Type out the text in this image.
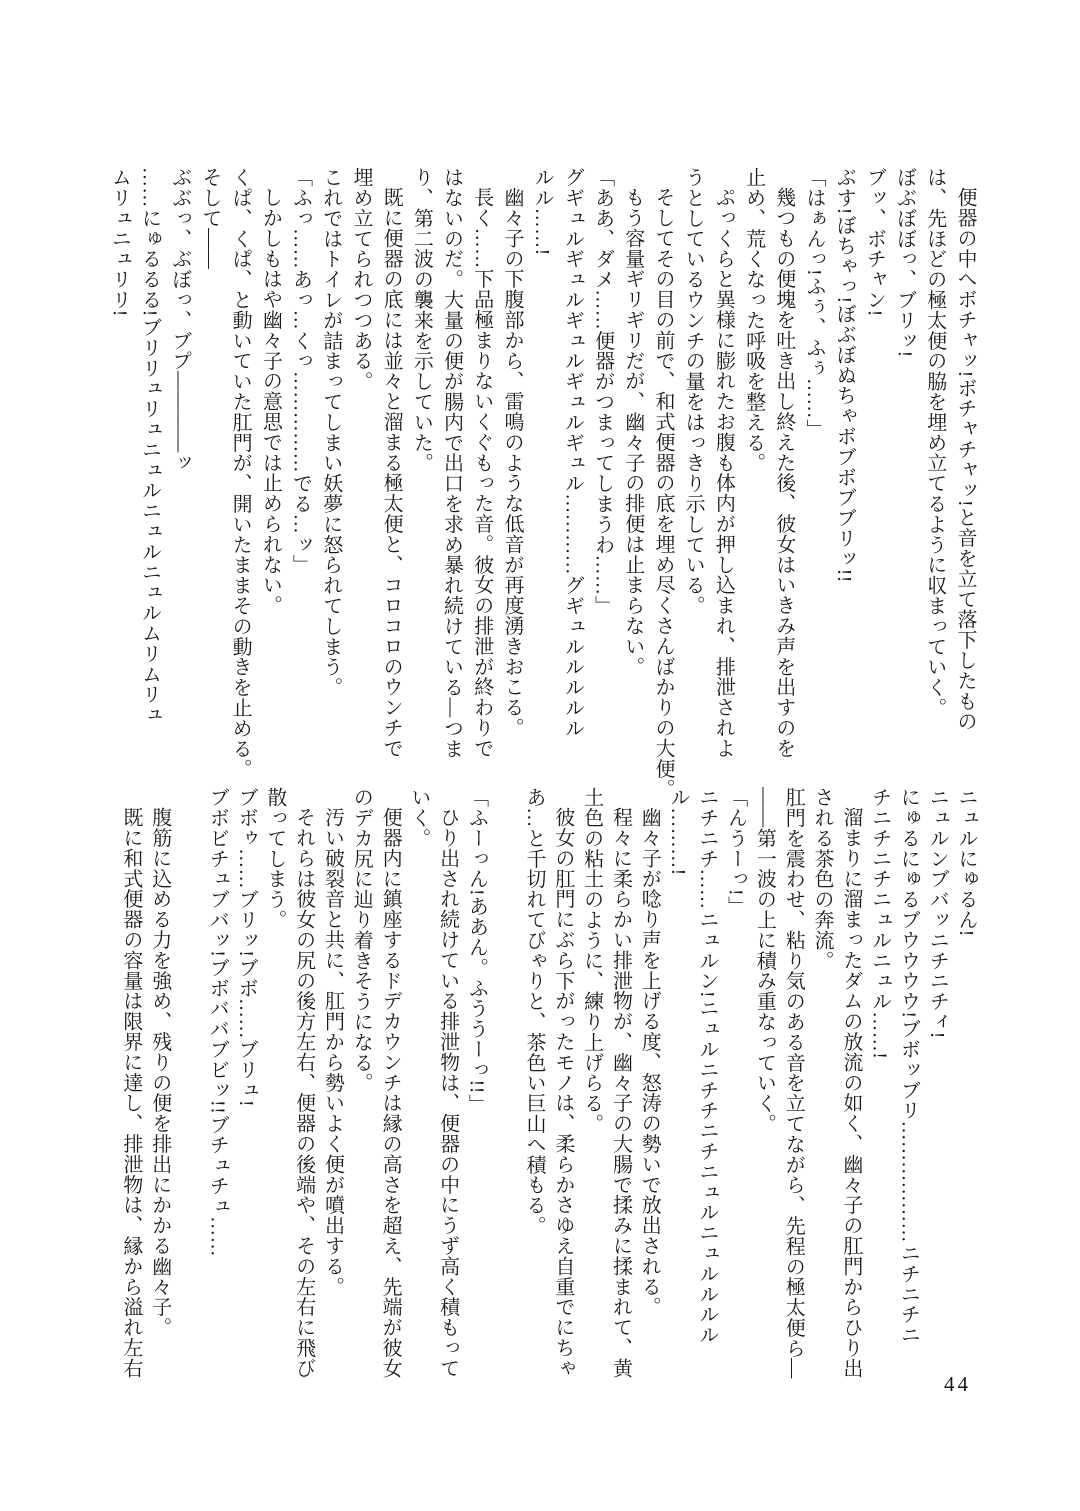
便器の中へボチャッ!ボチャチャッ!と音を立て落下したもの
は、先ほどの極太便の脇を埋め立てるように収まっていく。
ぼぶぼぼっ、ブリッ!
ブッ、ボチャン!
ぶす!ぼちゃっ!ぼぶぼぬちゃボブボブブリッ!!
「はぁんっ!ふぅ、ふぅ……」
幾つもの便塊を吐き出し終えた後、彼女はいきみ声を出すのを
止め、荒くなった呼吸を整える。
ぷっくらと異様に膨れたお腹も体内が押し込まれ、排泄されよ
うとしているウンチの量をはっきり示している。
そしてその目の前で、和式便器の底を埋め尽くさんばかりの大便。
もう容量ギリギリだが、幽々子の排便は止まらない。
「ああ、ダメ……便器がつまってしまうわ……」
グギュルギュルギュルギュルギュル…………グギュルルルルル
ルル……!
幽々子の下腹部から、雷鳴のような低音が再度湧きおこる。
長く……下品極まりないくぐもった音。彼女の排泄が終わりで
はないのだ。大量の便が腸内で出口を求め暴れ続けている―つま
り、第二波の襲来を示していた。
既に便器の底には並々と溜まる極太便と、コロコロのウンチで
埋め立てられつつある。
これではトイレが詰まってしまい妖夢に怒られてしまう。
「ふっ……あっ…くっ……………でる…ッ」
しかしもはや幽々子の意思では止められない。
くぱ、くぱ、と動いていた肛門が、開いたままその動きを止める。
そして――
ぶぶっ、ぶぼっ、ブプ――――ッ
……にゅるるる!ブリリュリュニュルニュルニュルムリムリュ
ムリュニュリリ!
ニュルにゅるん!
ニュルンブバッニチニチィ!
にゅるにゅるブウウウウ!ブボッブリ………………ニチニチニ
チニチニチニュルニュル……!
溜まりに溜まったダムの放流の如く、幽々子の肛門からひり出
される茶色の奔流。
肛門を震わせ、粘り気のある音を立てながら、先程の極太便ら―
――第一波の上に積み重なっていく。
「んうーっ!」
ニチニチ……ニュルン!ニュルニチチニチニュルニュルルルル
ル………!
幽々子が唸り声を上げる度、怒涛の勢いで放出される。
程々に柔らかい排泄物が、幽々子の大腸で揉みに揉まれて、黄
土色の粘土のように、練り上げらる。
彼女の肛門にぶら下がったモノは、柔らかさゆえ自重でにちゃ
あ…と千切れてびゃりと、茶色い巨山へ積もる。

「ふーっん!ああん。ふううーっ!!」
ひり出され続けている排泄物は、便器の中にうず高く積もって
いく。
便器内に鎮座するドデカウンチは縁の高さを超え、先端が彼女
のデカ尻に辿り着きそうになる。
汚い破裂音と共に、肛門から勢いよく便が噴出する。
それらは彼女の尻の後方左右、便器の後端や、その左右に飛び
散ってしまう。
ブボゥ……ブリッ!ブボ……ブリュ!
ブボビチュブバッ!ブボババブビッ!!ブチュチュ……

腹筋に込める力を強め、残りの便を排出にかかる幽々子。
既に和式便器の容量は限界に達し、排泄物は、縁から溢れ左右
44
